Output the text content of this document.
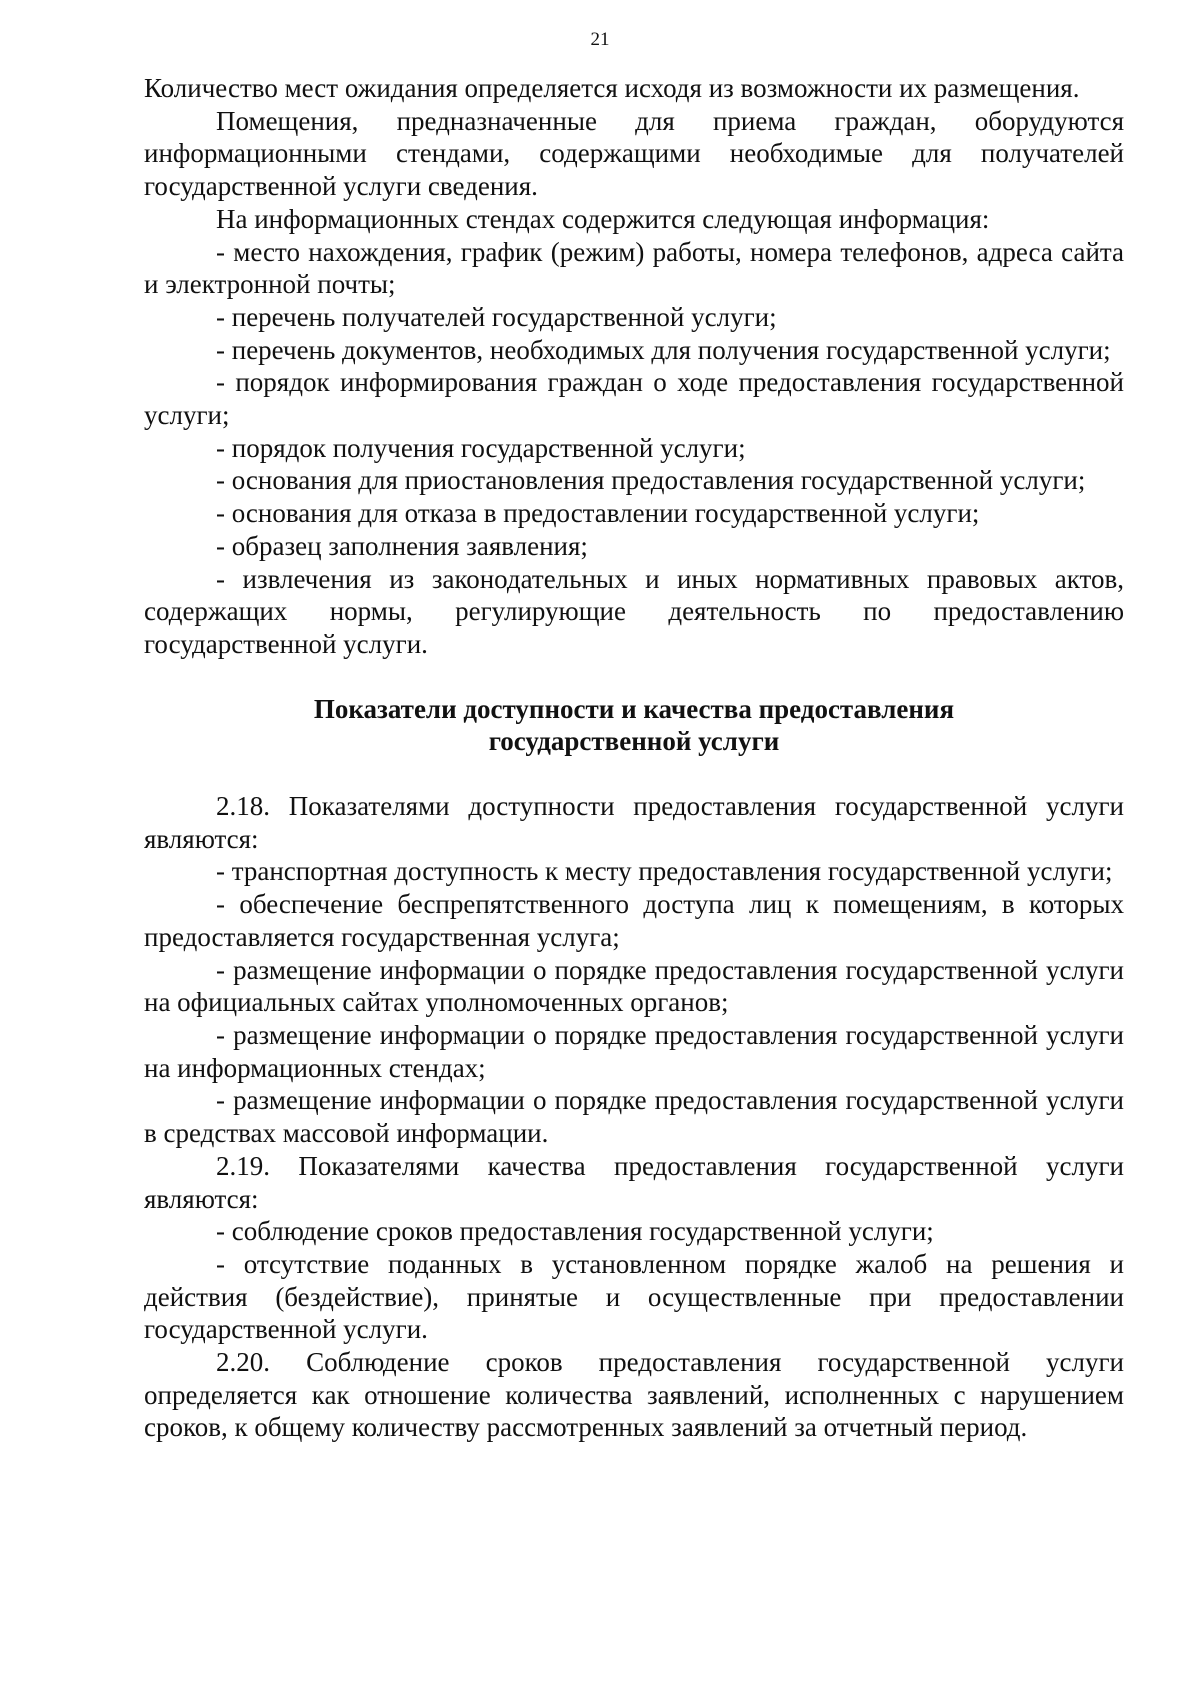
21

Количество мест ожидания определяется исходя из возможности их размещения.

Помещения, предназначенные для приема граждан, оборудуются информационными стендами, содержащими необходимые для получателей государственной услуги сведения.

На информационных стендах содержится следующая информация:

- место нахождения, график (режим) работы, номера телефонов, адреса сайта и электронной почты;

- перечень получателей государственной услуги;

- перечень документов, необходимых для получения государственной услуги;

- порядок информирования граждан о ходе предоставления государственной услуги;

- порядок получения государственной услуги;

- основания для приостановления предоставления государственной услуги;

- основания для отказа в предоставлении государственной услуги;

- образец заполнения заявления;

- извлечения из законодательных и иных нормативных правовых актов, содержащих нормы, регулирующие деятельность по предоставлению государственной услуги.

Показатели доступности и качества предоставления
государственной услуги

2.18. Показателями доступности предоставления государственной услуги являются:

- транспортная доступность к месту предоставления государственной услуги;

- обеспечение беспрепятственного доступа лиц к помещениям, в которых предоставляется государственная услуга;

- размещение информации о порядке предоставления государственной услуги на официальных сайтах уполномоченных органов;

- размещение информации о порядке предоставления государственной услуги на информационных стендах;

- размещение информации о порядке предоставления государственной услуги в средствах массовой информации.

2.19. Показателями качества предоставления государственной услуги являются:

- соблюдение сроков предоставления государственной услуги;

- отсутствие поданных в установленном порядке жалоб на решения и действия (бездействие), принятые и осуществленные при предоставлении государственной услуги.

2.20. Соблюдение сроков предоставления государственной услуги определяется как отношение количества заявлений, исполненных с нарушением сроков, к общему количеству рассмотренных заявлений за отчетный период.
